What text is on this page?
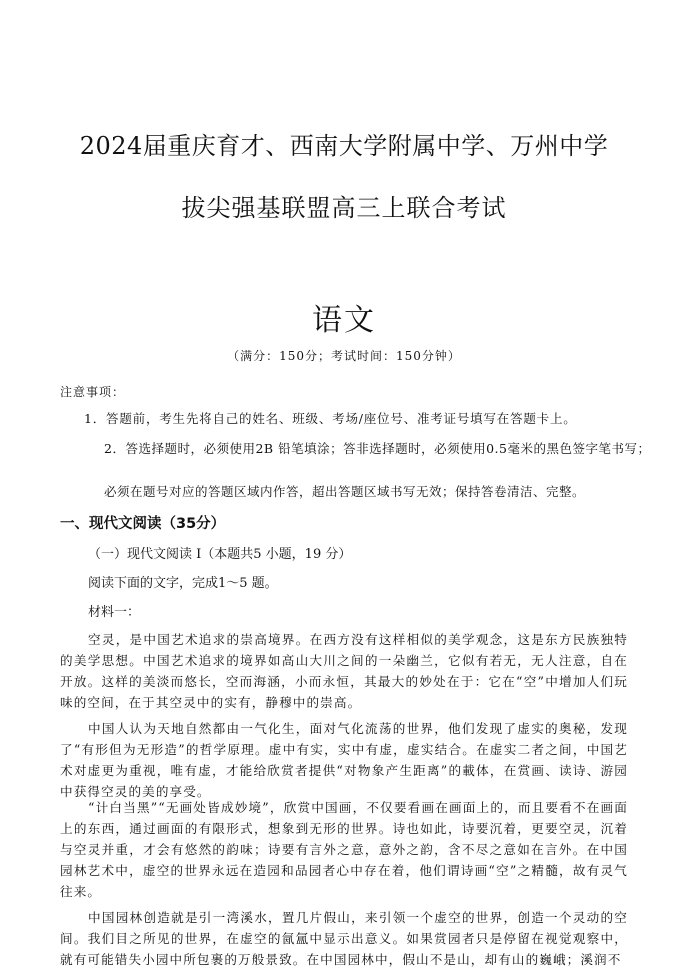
2024届重庆育才、西南大学附属中学、万州中学
拔尖强基联盟高三上联合考试
语文
（满分：150分；考试时间：150分钟）
注意事项：
1．答题前，考生先将自己的姓名、班级、考场/座位号、准考证号填写在答题卡上。
2．答选择题时，必须使用2B 铅笔填涂；答非选择题时，必须使用0.5毫米的黑色签字笔书写；
必须在题号对应的答题区域内作答，超出答题区域书写无效；保持答卷清洁、完整。
一、现代文阅读（35分）
（一）现代文阅读 I（本题共5 小题，19 分）
阅读下面的文字，完成1～5 题。
材料一：

空灵，是中国艺术追求的崇高境界。在西方没有这样相似的美学观念，这是东方民族独特的美学思想。中国艺术追求的境界如高山大川之间的一朵幽兰，它似有若无，无人注意，自在开放。这样的美淡而悠长，空而海涵，小而永恒，其最大的妙处在于：它在“空”中增加人们玩味的空间，在于其空灵中的实有，静穆中的崇高。

中国人认为天地自然都由一气化生，面对气化流荡的世界，他们发现了虚实的奥秘，发现了“有形但为无形造”的哲学原理。虚中有实，实中有虚，虚实结合。在虚实二者之间，中国艺术对虚更为重视，唯有虚，才能给欣赏者提供“对物象产生距离”的載体，在赏画、读诗、游园中获得空灵的美的享受。

“计白当黑”“无画处皆成妙境”，欣赏中国画，不仅要看画在画面上的，而且要看不在画面上的东西，通过画面的有限形式，想象到无形的世界。诗也如此，诗要沉着，更要空灵，沉着与空灵并重，才会有悠然的韵味；诗要有言外之意，意外之韵，含不尽之意如在言外。在中国园林艺术中，虚空的世界永远在造园和品园者心中存在着，他们谓诗画“空”之精髓，故有灵气往来。

中国园林创造就是引一湾溪水，置几片假山，来引领一个虚空的世界，创造一个灵动的空间。我们目之所见的世界，在虚空的氤氲中显示出意义。如果赏园者只是停留在视觉观察中，就有可能错失小园中所包裹的万般景致。在中国园林中，假山不是山，却有山的巍峨；溪润不
